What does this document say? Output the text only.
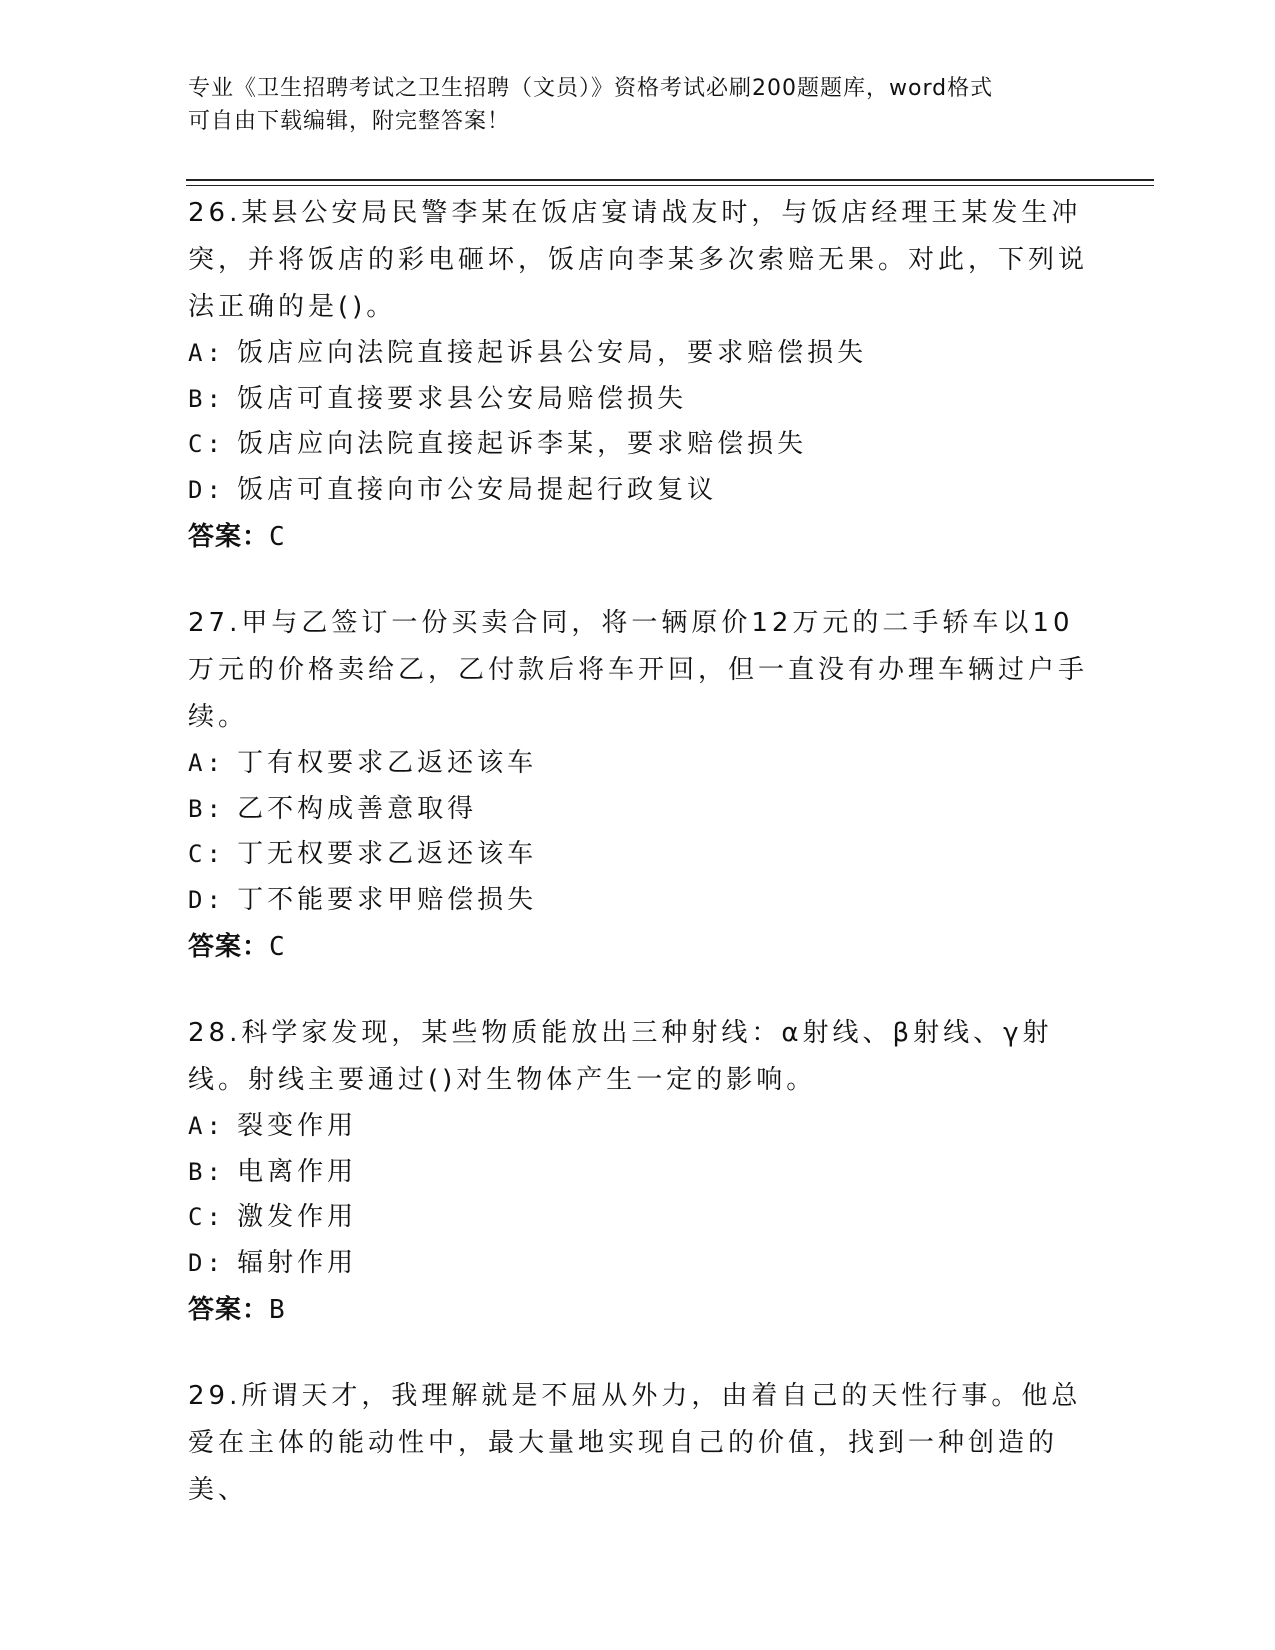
专业《卫生招聘考试之卫生招聘（文员）》资格考试必刷200题题库，word格式
可自由下载编辑，附完整答案！

26.某县公安局民警李某在饭店宴请战友时，与饭店经理王某发生冲突，并将饭店的彩电砸坏，饭店向李某多次索赔无果。对此，下列说法正确的是()。

A:
饭店应向法院直接起诉县公安局，要求赔偿损失
B:
饭店可直接要求县公安局赔偿损失
C:
饭店应向法院直接起诉李某，要求赔偿损失
D:
饭店可直接向市公安局提起行政复议

答案：C

27.甲与乙签订一份买卖合同，将一辆原价12万元的二手轿车以10万元的价格卖给乙，乙付款后将车开回，但一直没有办理车辆过户手续。

A:
丁有权要求乙返还该车
B:
乙不构成善意取得
C:
丁无权要求乙返还该车
D:
丁不能要求甲赔偿损失

答案：C

28.科学家发现，某些物质能放出三种射线：α射线、β射线、γ射线。射线主要通过()对生物体产生一定的影响。

A:
裂变作用
B:
电离作用
C:
激发作用
D:
辐射作用

答案：B

29.所谓天才，我理解就是不屈从外力，由着自己的天性行事。他总爱在主体的能动性中，最大量地实现自己的价值，找到一种创造的美、
